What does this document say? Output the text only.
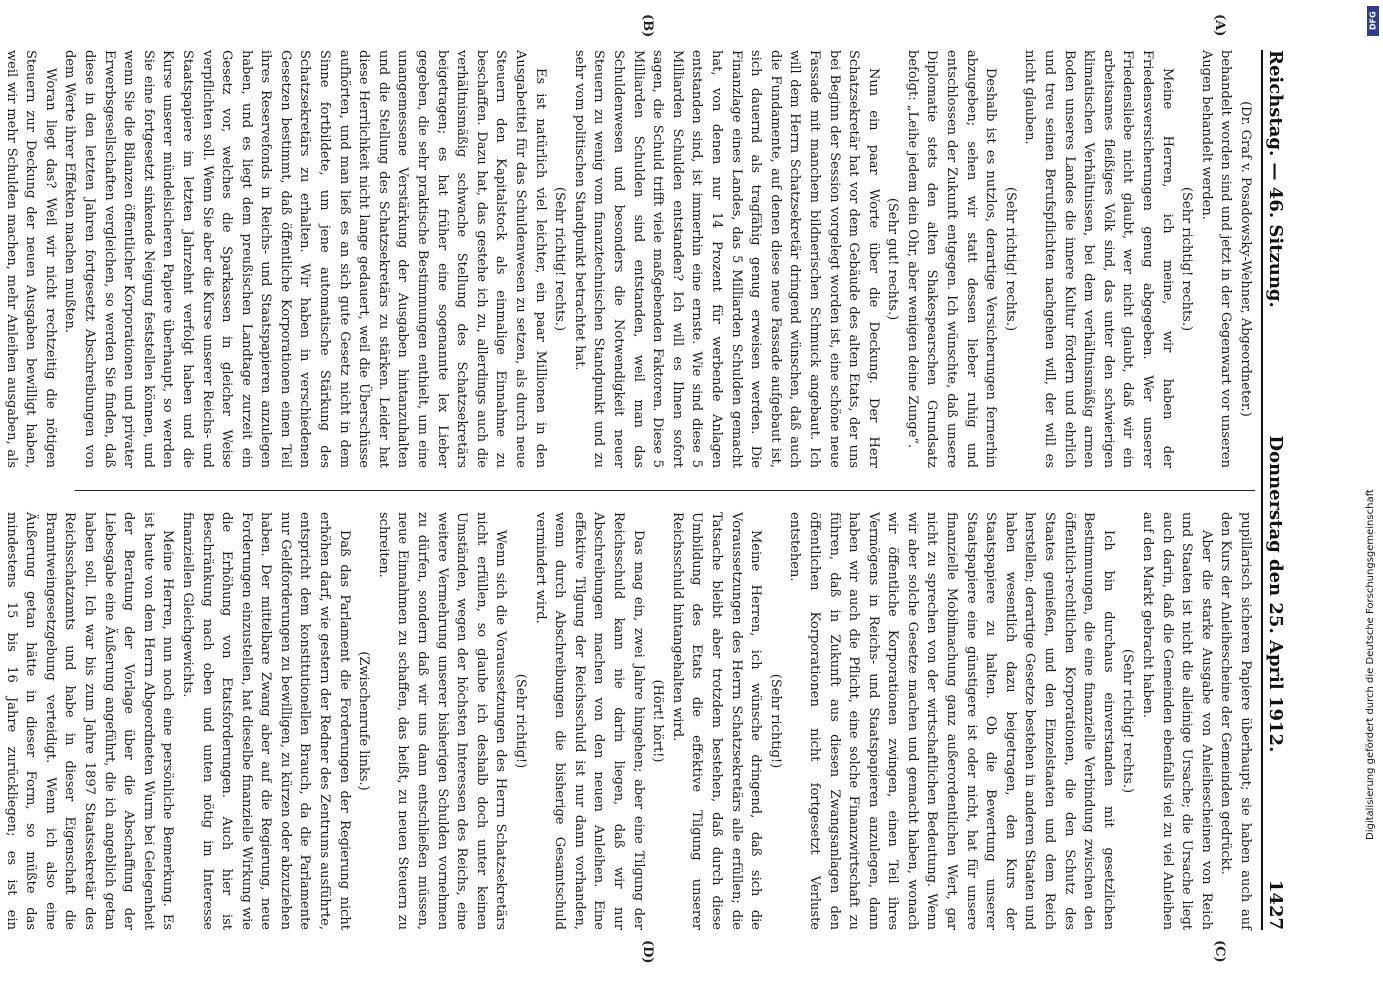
Reichstag. — 46. Sitzung.
Donnerstag den 25. April 1912.
1427

(Dr. Graf v. Posadowsky-Wehner, Abgeordneter.)

behandelt worden sind und jetzt in der Gegenwart vor unseren Augen behandelt werden.

(Sehr richtig! rechts.)

Meine Herren, ich meine, wir haben der Friedensversicherungen genug abgegeben. Wer unserer Friedensliebe nicht glaubt, wer nicht glaubt, daß wir ein arbeitsames fleißiges Volk sind, das unter den schwierigen klimatischen Verhältnissen, bei dem verhältnismäßig armen Boden unseres Landes die innere Kultur fördern und ehrlich und treu seinen Berufspflichten nachgehen will, der will es nicht glauben.

(Sehr richtig! rechts.)

Deshalb ist es nutzlos, derartige Versicherungen fernerhin abzugeben; sehen wir statt dessen lieber ruhig und entschlossen der Zukunft entgegen. Ich wünschte, daß unsere Diplomatie stets den alten Shakespearschen Grundsatz befolgt: „Leihe jedem dein Ohr, aber wenigen deine Zunge“.

(Sehr gut! rechts.)

Nun ein paar Worte über die Deckung. Der Herr Schatzsekretär hat vor dem Gebäude des alten Etats, der uns bei Beginn der Session vorgelegt worden ist, eine schöne neue Fassade mit manchem bildnerischen Schmuck angebaut. Ich will dem Herrn Schatzsekretär dringend wünschen, daß auch die Fundamente, auf denen diese neue Fassade aufgebaut ist, sich dauernd als tragfähig genug erweisen werden. Die Finanzlage eines Landes, das 5 Milliarden Schulden gemacht hat, von denen nur 14 Prozent für werbende Anlagen entstanden sind, ist immerhin eine ernste. Wie sind diese 5 Milliarden Schulden entstanden? Ich will es Ihnen sofort sagen, die Schuld trifft viele maßgebenden Faktoren. Diese 5 Milliarden Schulden sind entstanden, weil man das Schuldenwesen und besonders die Notwendigkeit neuer Steuern zu wenig vom finanztechnischen Standpunkt und zu sehr vom politischen Standpunkt betrachtet hat.

(Sehr richtig! rechts.)

Es ist natürlich viel leichter, ein paar Millionen in den Ausgabetitel für das Schuldenwesen zu setzen, als durch neue Steuern den Kapitalstock als einmalige Einnahme zu beschaffen. Dazu hat, das gestehe ich zu, allerdings auch die verhältnismäßig schwache Stellung des Schatzsekretärs beigetragen; es hat früher eine sogenannte lex Lieber gegeben, die sehr praktische Bestimmungen enthielt, um eine unangemessene Verstärkung der Ausgaben hintanzuhalten und die Stellung des Schatzsekretärs zu stärken. Leider hat diese Herrlichkeit nicht lange gedauert, weil die Überschüsse aufhörten, und man ließ es an sich gute Gesetz nicht in dem Sinne fortbildete, um jene automatische Stärkung des Schatzsekretärs zu erhalten. Wir haben in verschiedenen Gesetzen bestimmt, daß öffentliche Korporationen einen Teil ihres Reservefonds in Reichs- und Staatspapieren anzulegen haben, und es liegt dem preußischen Landtage zurzeit ein Gesetz vor, welches die Sparkassen in gleicher Weise verpflichten soll. Wenn Sie aber die Kurse unserer Reichs- und Staatspapiere im letzten Jahrzehnt verfolgt haben und die Kurse unserer mündelsicheren Papiere überhaupt, so werden Sie eine fortgesetzt sinkende Neigung feststellen können, und wenn Sie die Bilanzen öffentlicher Korporationen und privater Erwerbsgesellschaften vergleichen, so werden Sie finden, daß diese in den letzten Jahren fortgesetzt Abschreibungen von dem Werte ihrer Effekten machen mußten.

Woran liegt das? Weil wir nicht rechtzeitig die nötigen Steuern zur Deckung der neuen Ausgaben bewilligt haben, weil wir mehr Schulden machen, mehr Anleihen ausgaben, als

pupillarisch sicheren Papiere überhaupt; sie haben auch auf den Kurs der Anleihescheine der Gemeinden gedrückt.

Aber die starke Ausgabe von Anleihescheinen von Reich und Staaten ist nicht die alleinige Ursache; die Ursache liegt auch darin, daß die Gemeinden ebenfalls viel zu viel Anleihen auf den Markt gebracht haben.

(Sehr richtig! rechts.)

Ich bin durchaus einverstanden mit gesetzlichen Bestimmungen, die eine finanzielle Verbindung zwischen den öffentlich-rechtlichen Korporationen, die den Schutz des Staates genießen, und den Einzelstaaten und dem Reich herstellen; derartige Gesetze bestehen in anderen Staaten und haben wesentlich dazu beigetragen, den Kurs der Staatspapiere zu halten. Ob die Bewertung unserer Staatspapiere eine günstigere ist oder nicht, hat für unsere finanzielle Mobilmachung ganz außerordentlichen Wert, gar nicht zu sprechen von der wirtschaftlichen Bedeutung. Wenn wir aber solche Gesetze machen und gemacht haben, wonach wir öffentliche Korporationen zwingen, einen Teil ihres Vermögens in Reichs- und Staatspapieren anzulegen, dann haben wir auch die Pflicht, eine solche Finanzwirtschaft zu führen, daß in Zukunft aus diesen Zwangsanlagen den öffentlichen Korporationen nicht fortgesetzt Verluste entstehen.

(Sehr richtig!)

Meine Herren, ich wünsche dringend, daß sich die Voraussetzungen des Herrn Schatzsekretärs alle erfüllen; die Tatsache bleibt aber trotzdem bestehen, daß durch diese Umbildung des Etats die effektive Tilgung unserer Reichsschuld hintangehalten wird.

(Hört! hört!)

Das mag ein, zwei Jahre hingehen; aber eine Tilgung der Reichsschuld kann nie darin liegen, daß wir nur Abschreibungen machen von den neuen Anleihen. Eine effektive Tilgung der Reichsschuld ist nur dann vorhanden, wenn durch Abschreibungen die bisherige Gesamtschuld vermindert wird.

(Sehr richtig!)

Wenn sich die Voraussetzungen des Herrn Schatzsekretärs nicht erfüllen, so glaube ich deshalb doch unter keinen Umständen, wegen der höchsten Interessen des Reichs, eine weitere Vermehrung unserer bisherigen Schulden vornehmen zu dürfen, sondern daß wir uns dann entschließen müssen, neue Einnahmen zu schaffen, das heißt, zu neuen Steuern zu schreiten.

(Zwischenrufe links.)

Daß das Parlament die Forderungen der Regierung nicht erhöhen darf, wie gestern der Redner des Zentrums ausführte, entspricht dem konstitutionellen Brauch, da die Parlamente nur Geldforderungen zu bewilligen, zu kürzen oder abzuziehen haben. Der mittelbare Zwang aber auf die Regierung, neue Forderungen einzustellen, hat dieselbe finanzielle Wirkung wie die Erhöhung von Etatsforderungen. Auch hier ist Beschränkung nach oben und unten nötig im Interesse finanziellen Gleichgewichts.

Meine Herren, nun noch eine persönliche Bemerkung. Es ist heute von dem Herrn Abgeordneten Wurm bei Gelegenheit der Beratung der Vorlage über die Abschaffung der Liebesgabe eine Äußerung angeführt, die ich angeblich getan haben soll. Ich war bis zum Jahre 1897 Staatssekretär des Reichsschatzamts und habe in dieser Eigenschaft die Branntweingesetzgebung verteidigt. Wenn ich also eine Äußerung getan hätte in dieser Form, so müßte das mindestens 15 bis 16 Jahre zurückliegen; es ist ein

(A)
(B)
(C)
(D)
DFG
Digitalisierung gefördert durch die Deutsche Forschungsgemeinschaft
